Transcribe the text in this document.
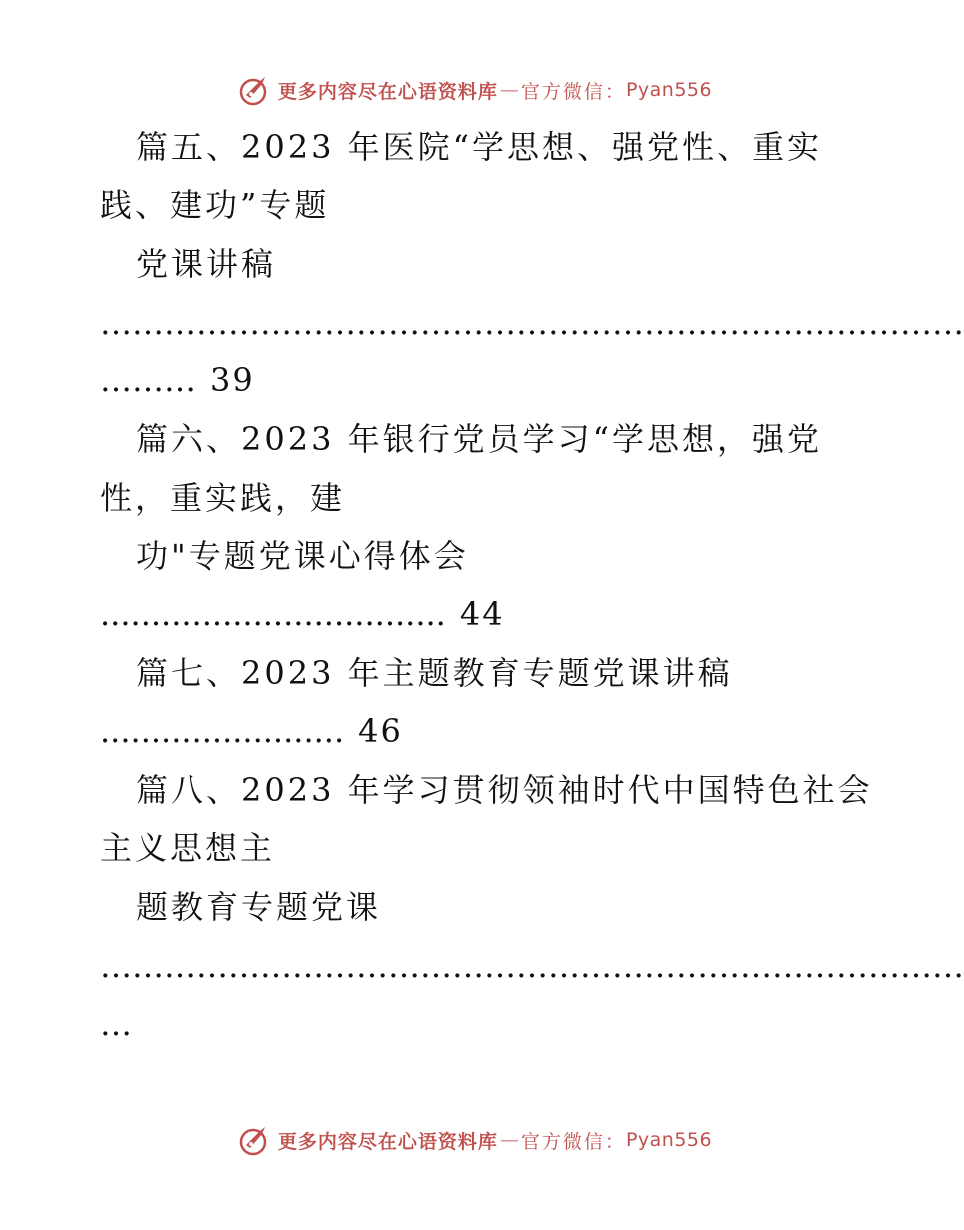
更多内容尽在心语资料库 — 官方微信： Pyan556
篇五、2023 年医院“学思想、强党性、重实
践、建功”专题
党课讲稿
………………………………………………………………………
……… 39
篇六、2023 年银行党员学习“学思想，强党
性，重实践，建
功"专题党课心得体会
.................................. 44
篇七、2023 年主题教育专题党课讲稿
........................ 46
篇八、2023 年学习贯彻领袖时代中国特色社会
主义思想主
题教育专题党课
………………………………………………………………………
…
更多内容尽在心语资料库 — 官方微信： Pyan556
